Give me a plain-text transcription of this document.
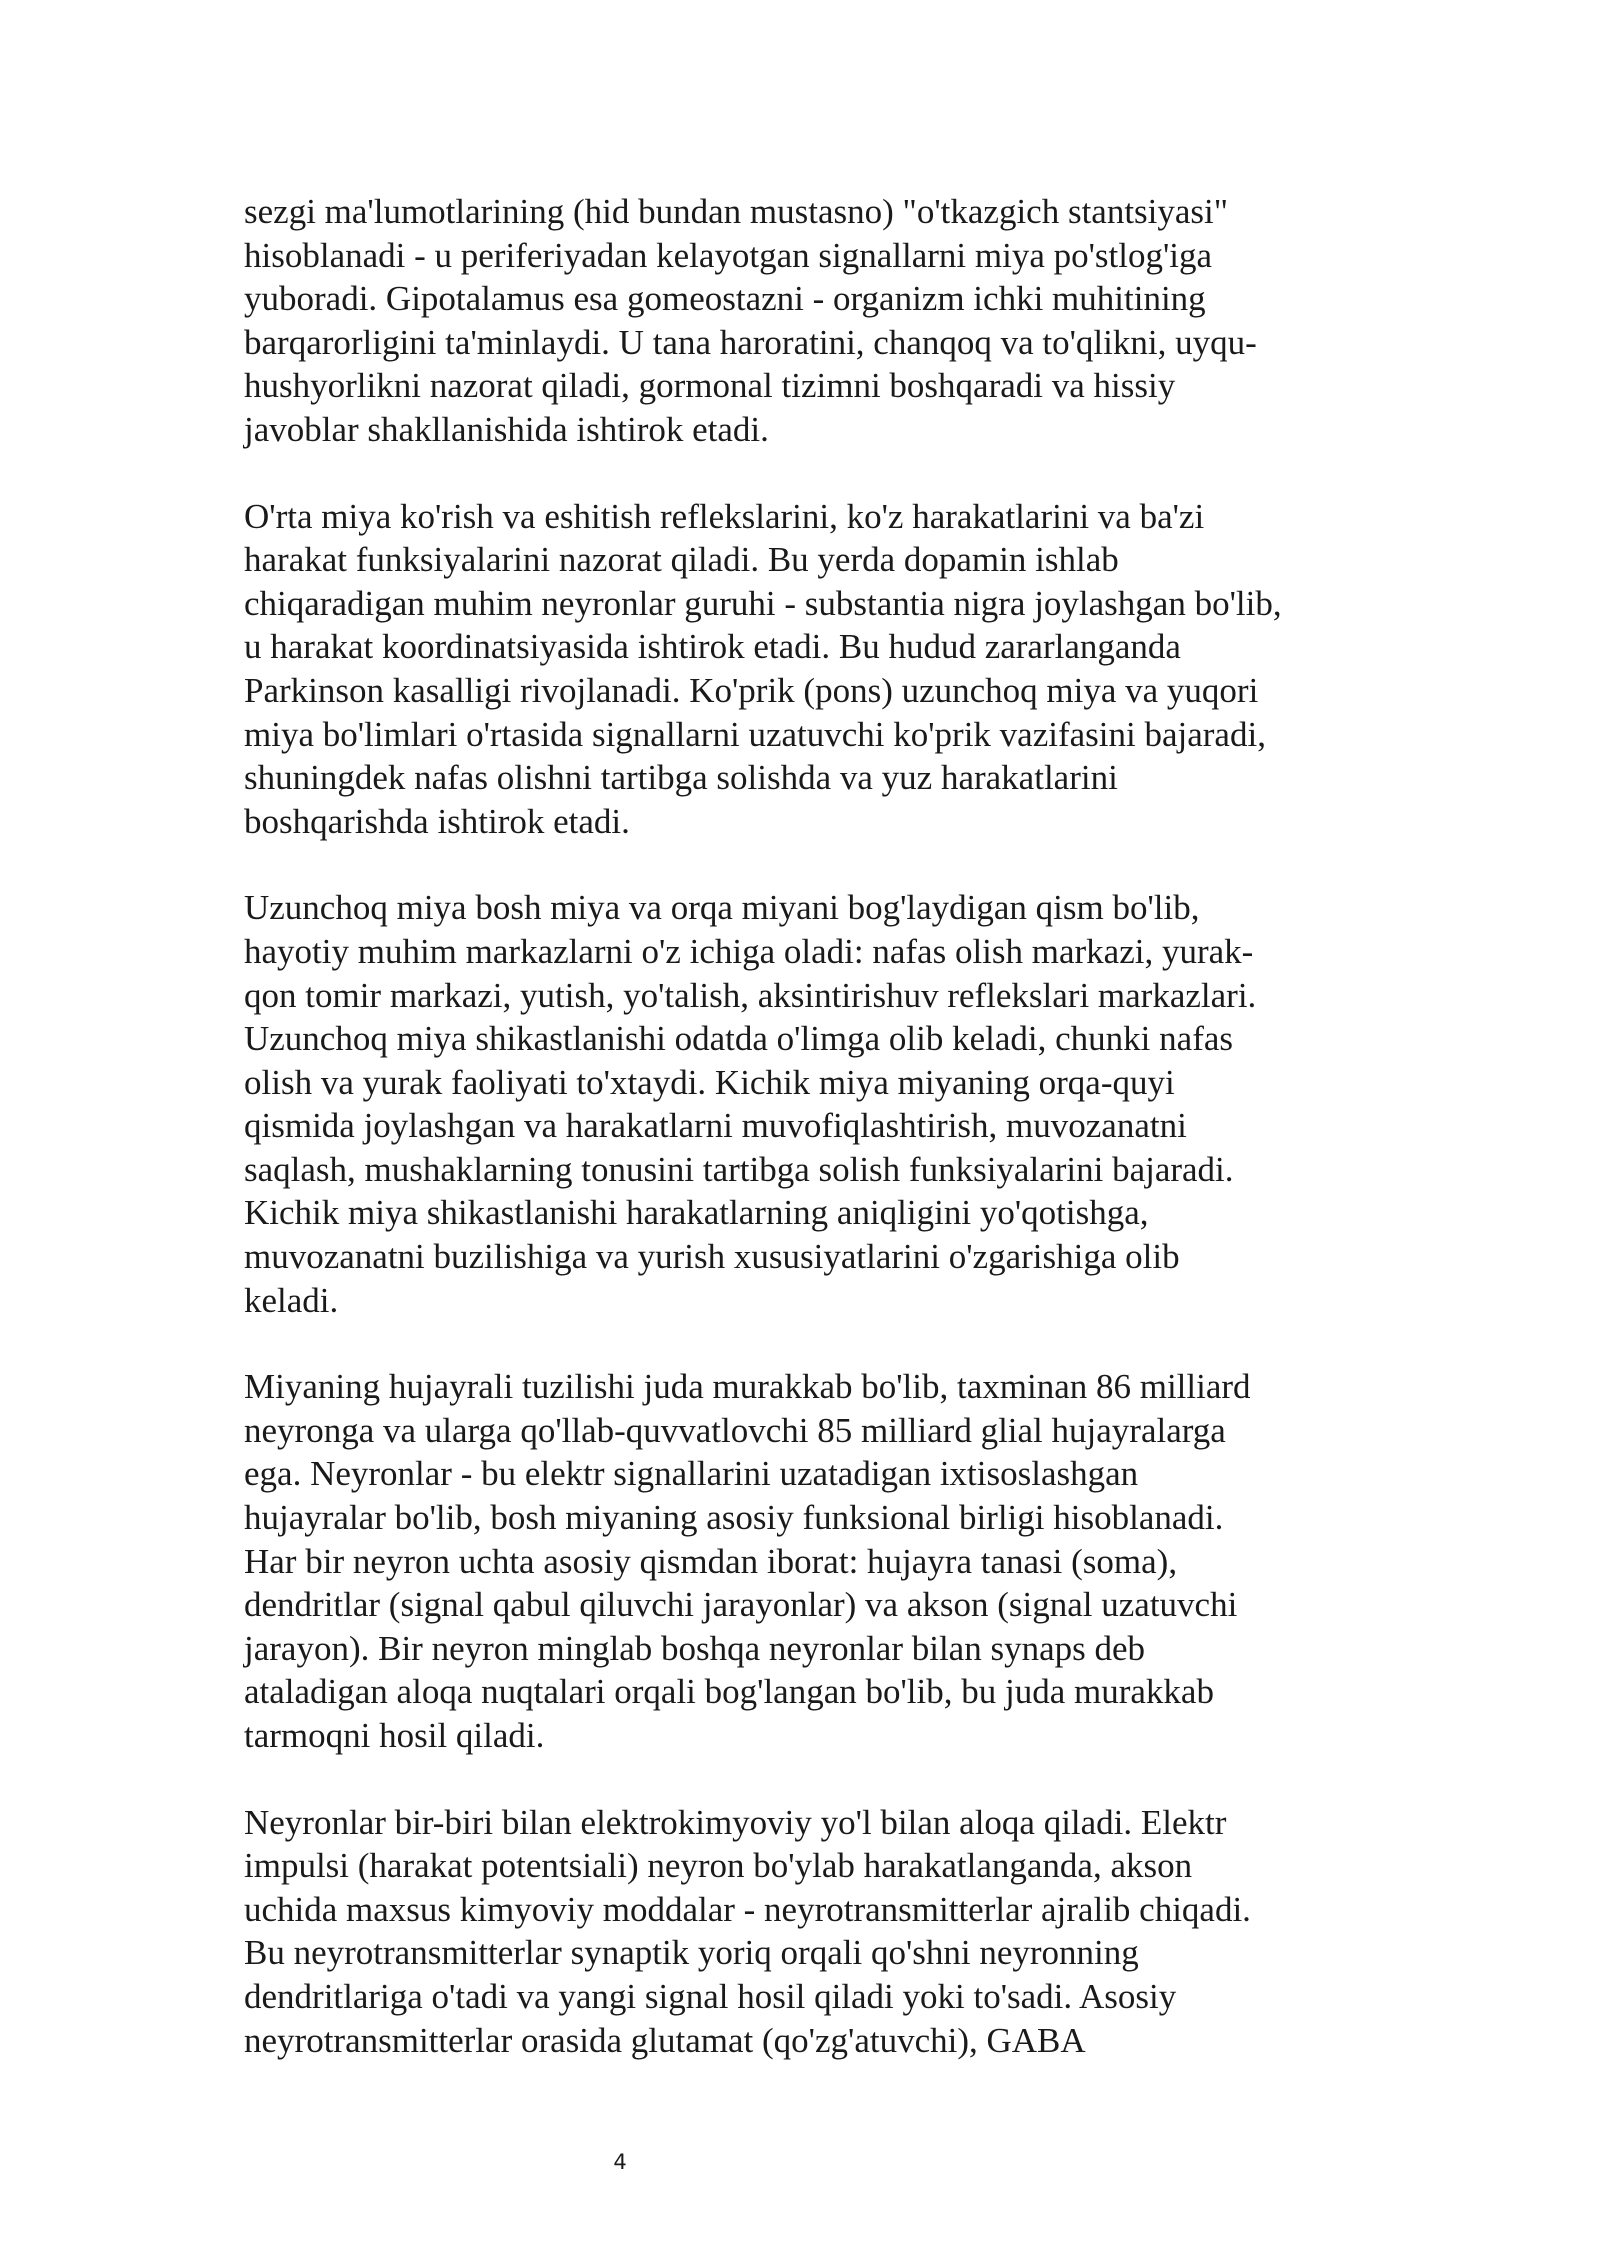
sezgi ma'lumotlarining (hid bundan mustasno) "o'tkazgich stantsiyasi"
hisoblanadi - u periferiyadan kelayotgan signallarni miya po'stlog'iga
yuboradi. Gipotalamus esa gomeostazni - organizm ichki muhitining
barqarorligini ta'minlaydi. U tana haroratini, chanqoq va to'qlikni, uyqu-
hushyorlikni nazorat qiladi, gormonal tizimni boshqaradi va hissiy
javoblar shakllanishida ishtirok etadi.

O'rta miya ko'rish va eshitish reflekslarini, ko'z harakatlarini va ba'zi
harakat funksiyalarini nazorat qiladi. Bu yerda dopamin ishlab
chiqaradigan muhim neyronlar guruhi - substantia nigra joylashgan bo'lib,
u harakat koordinatsiyasida ishtirok etadi. Bu hudud zararlanganda
Parkinson kasalligi rivojlanadi. Ko'prik (pons) uzunchoq miya va yuqori
miya bo'limlari o'rtasida signallarni uzatuvchi ko'prik vazifasini bajaradi,
shuningdek nafas olishni tartibga solishda va yuz harakatlarini
boshqarishda ishtirok etadi.

Uzunchoq miya bosh miya va orqa miyani bog'laydigan qism bo'lib,
hayotiy muhim markazlarni o'z ichiga oladi: nafas olish markazi, yurak-
qon tomir markazi, yutish, yo'talish, aksintirishuv reflekslari markazlari.
Uzunchoq miya shikastlanishi odatda o'limga olib keladi, chunki nafas
olish va yurak faoliyati to'xtaydi. Kichik miya miyaning orqa-quyi
qismida joylashgan va harakatlarni muvofiqlashtirish, muvozanatni
saqlash, mushaklarning tonusini tartibga solish funksiyalarini bajaradi.
Kichik miya shikastlanishi harakatlarning aniqligini yo'qotishga,
muvozanatni buzilishiga va yurish xususiyatlarini o'zgarishiga olib
keladi.

Miyaning hujayrali tuzilishi juda murakkab bo'lib, taxminan 86 milliard
neyronga va ularga qo'llab-quvvatlovchi 85 milliard glial hujayralarga
ega. Neyronlar - bu elektr signallarini uzatadigan ixtisoslashgan
hujayralar bo'lib, bosh miyaning asosiy funksional birligi hisoblanadi.
Har bir neyron uchta asosiy qismdan iborat: hujayra tanasi (soma),
dendritlar (signal qabul qiluvchi jarayonlar) va akson (signal uzatuvchi
jarayon). Bir neyron minglab boshqa neyronlar bilan synaps deb
ataladigan aloqa nuqtalari orqali bog'langan bo'lib, bu juda murakkab
tarmoqni hosil qiladi.

Neyronlar bir-biri bilan elektrokimyoviy yo'l bilan aloqa qiladi. Elektr
impulsi (harakat potentsiali) neyron bo'ylab harakatlanganda, akson
uchida maxsus kimyoviy moddalar - neyrotransmitterlar ajralib chiqadi.
Bu neyrotransmitterlar synaptik yoriq orqali qo'shni neyronning
dendritlariga o'tadi va yangi signal hosil qiladi yoki to'sadi. Asosiy
neyrotransmitterlar orasida glutamat (qo'zg'atuvchi), GABA

4
